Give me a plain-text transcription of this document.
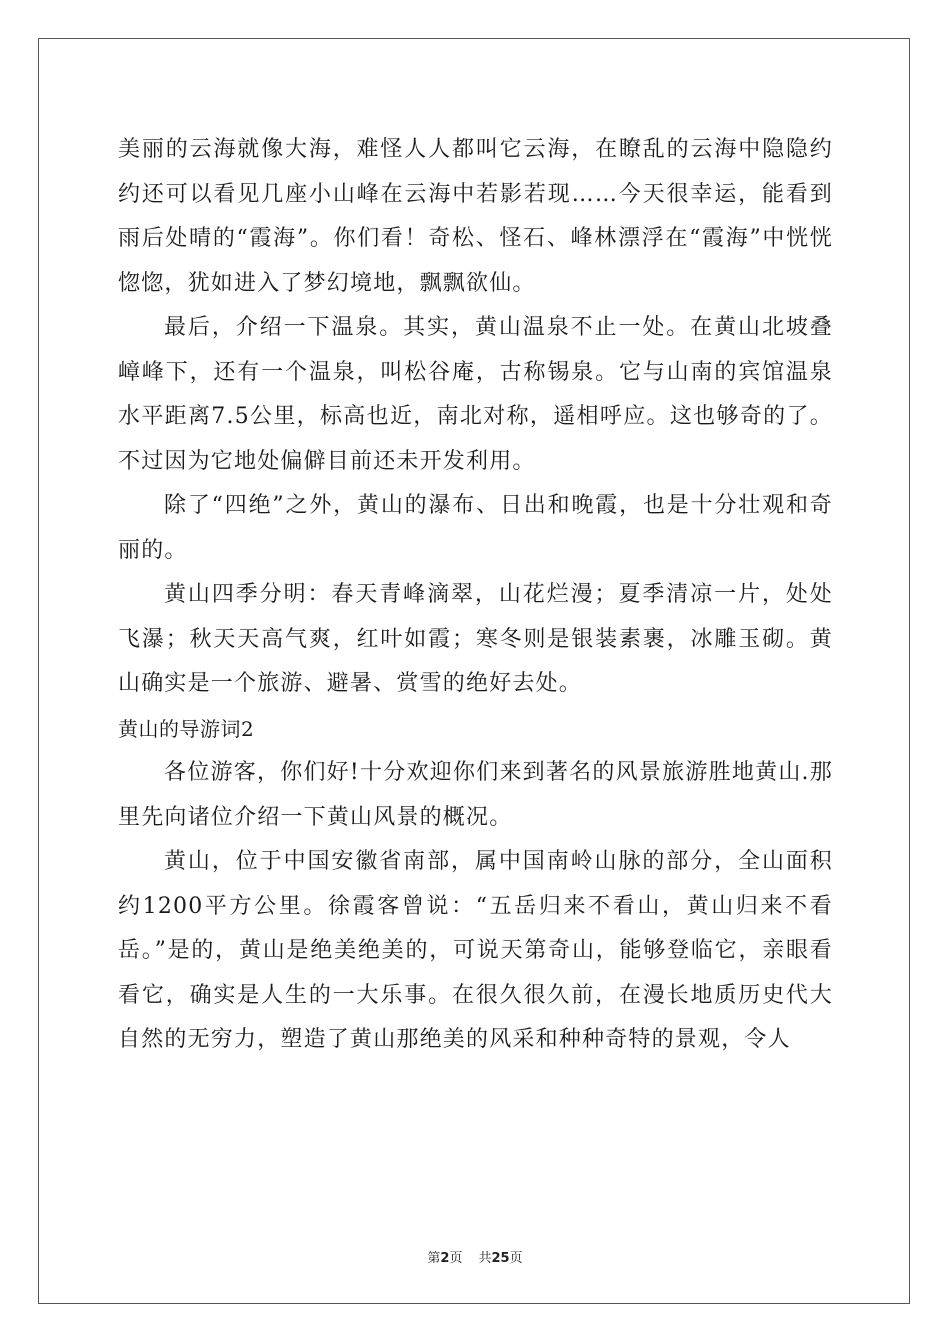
美丽的云海就像大海，难怪人人都叫它云海，在瞭乱的云海中隐隐约约还可以看见几座小山峰在云海中若影若现……今天很幸运，能看到雨后处晴的“霞海”。你们看！奇松、怪石、峰林漂浮在“霞海”中恍恍惚惚，犹如进入了梦幻境地，飘飘欲仙。

最后，介绍一下温泉。其实，黄山温泉不止一处。在黄山北坡叠嶂峰下，还有一个温泉，叫松谷庵，古称锡泉。它与山南的宾馆温泉水平距离7.5公里，标高也近，南北对称，遥相呼应。这也够奇的了。不过因为它地处偏僻目前还未开发利用。

除了“四绝”之外，黄山的瀑布、日出和晚霞，也是十分壮观和奇丽的。

黄山四季分明：春天青峰滴翠，山花烂漫；夏季清凉一片，处处飞瀑；秋天天高气爽，红叶如霞；寒冬则是银装素裹，冰雕玉砌。黄山确实是一个旅游、避暑、赏雪的绝好去处。

黄山的导游词2

各位游客，你们好!十分欢迎你们来到著名的风景旅游胜地黄山.那里先向诸位介绍一下黄山风景的概况。

黄山，位于中国安徽省南部，属中国南岭山脉的部分，全山面积约1200平方公里。徐霞客曾说：“五岳归来不看山，黄山归来不看岳。”是的，黄山是绝美绝美的，可说天第奇山，能够登临它，亲眼看看它，确实是人生的一大乐事。在很久很久前，在漫长地质历史代大自然的无穷力，塑造了黄山那绝美的风采和种种奇特的景观，令人

第2页 共25页
